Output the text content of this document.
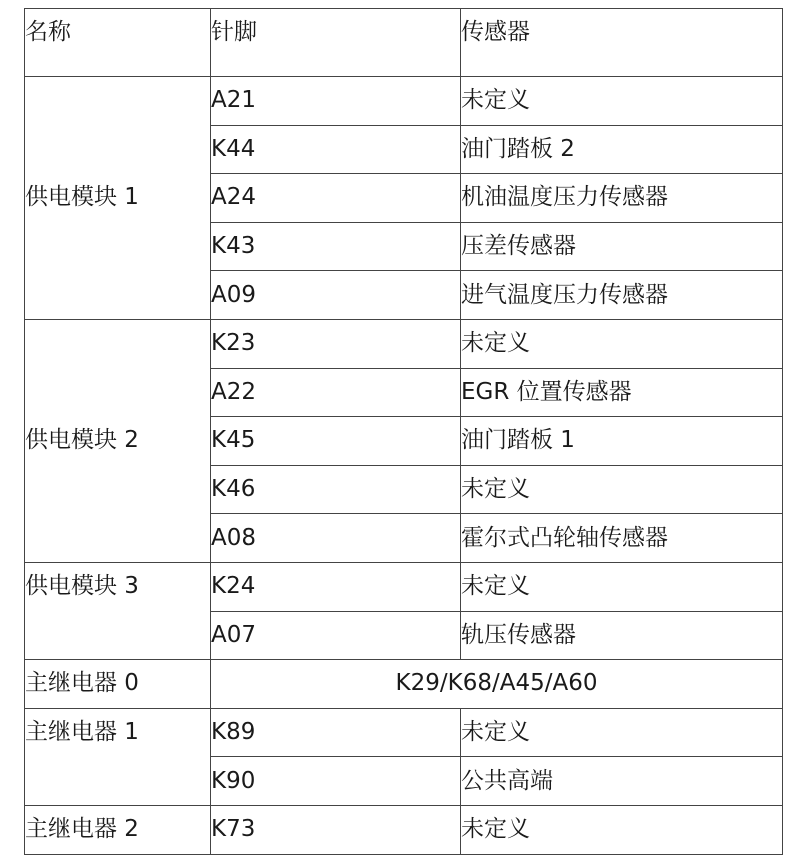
名称	针脚	传感器
供电模块 1	A21	未定义
	K44	油门踏板 2
	A24	机油温度压力传感器
	K43	压差传感器
	A09	进气温度压力传感器
供电模块 2	K23	未定义
	A22	EGR 位置传感器
	K45	油门踏板 1
	K46	未定义
	A08	霍尔式凸轮轴传感器
供电模块 3	K24	未定义
	A07	轨压传感器
主继电器 0	K29/K68/A45/A60	
主继电器 1	K89	未定义
	K90	公共高端
主继电器 2	K73	未定义
